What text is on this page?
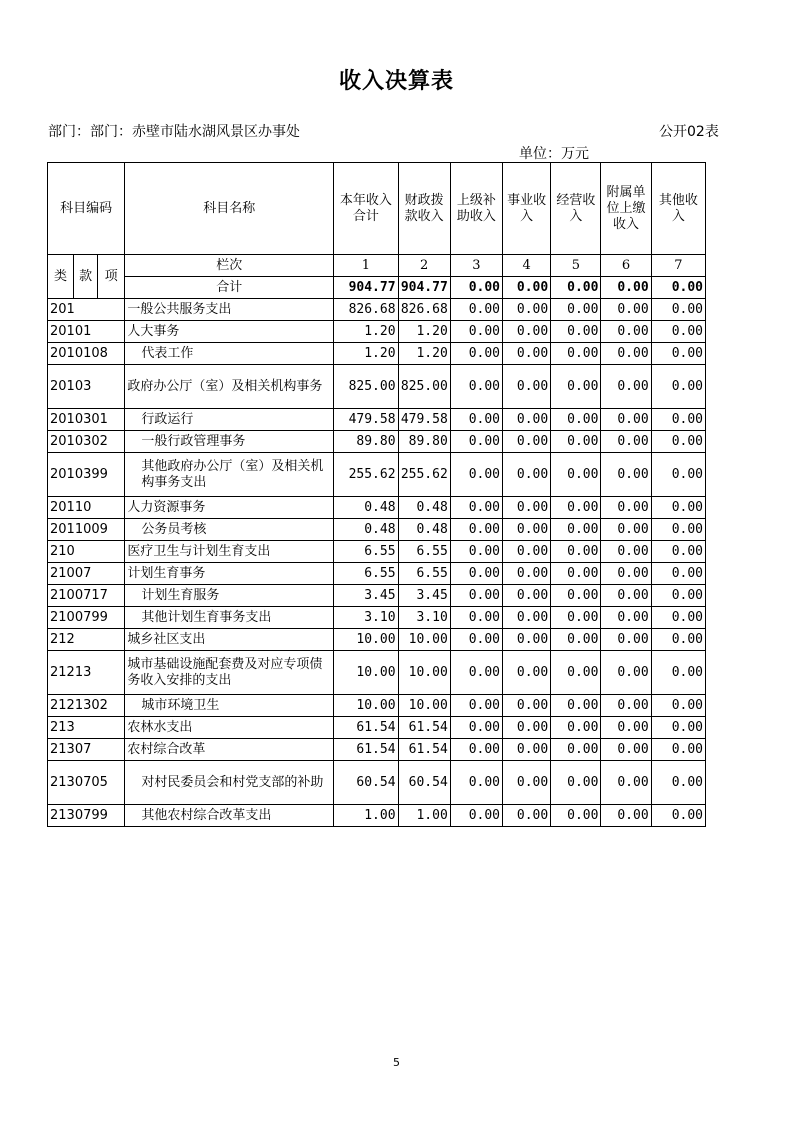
收入决算表
部门：部门：赤壁市陆水湖风景区办事处	公开02表
单位：万元
科目编码			科目名称	本年收入合计	财政拨款收入	上级补助收入	事业收入	经营收入	附属单位上缴收入	其他收入
类	款	项	栏次	1	2	3	4	5	6	7
			合计	904.77	904.77	0.00	0.00	0.00	0.00	0.00
201			一般公共服务支出	826.68	826.68	0.00	0.00	0.00	0.00	0.00
20101			人大事务	1.20	1.20	0.00	0.00	0.00	0.00	0.00
2010108			代表工作	1.20	1.20	0.00	0.00	0.00	0.00	0.00
20103			政府办公厅（室）及相关机构事务	825.00	825.00	0.00	0.00	0.00	0.00	0.00
2010301			行政运行	479.58	479.58	0.00	0.00	0.00	0.00	0.00
2010302			一般行政管理事务	89.80	89.80	0.00	0.00	0.00	0.00	0.00
2010399			其他政府办公厅（室）及相关机构事务支出	255.62	255.62	0.00	0.00	0.00	0.00	0.00
20110			人力资源事务	0.48	0.48	0.00	0.00	0.00	0.00	0.00
2011009			公务员考核	0.48	0.48	0.00	0.00	0.00	0.00	0.00
210			医疗卫生与计划生育支出	6.55	6.55	0.00	0.00	0.00	0.00	0.00
21007			计划生育事务	6.55	6.55	0.00	0.00	0.00	0.00	0.00
2100717			计划生育服务	3.45	3.45	0.00	0.00	0.00	0.00	0.00
2100799			其他计划生育事务支出	3.10	3.10	0.00	0.00	0.00	0.00	0.00
212			城乡社区支出	10.00	10.00	0.00	0.00	0.00	0.00	0.00
21213			城市基础设施配套费及对应专项债务收入安排的支出	10.00	10.00	0.00	0.00	0.00	0.00	0.00
2121302			城市环境卫生	10.00	10.00	0.00	0.00	0.00	0.00	0.00
213			农林水支出	61.54	61.54	0.00	0.00	0.00	0.00	0.00
21307			农村综合改革	61.54	61.54	0.00	0.00	0.00	0.00	0.00
2130705			对村民委员会和村党支部的补助	60.54	60.54	0.00	0.00	0.00	0.00	0.00
2130799			其他农村综合改革支出	1.00	1.00	0.00	0.00	0.00	0.00	0.00
5
